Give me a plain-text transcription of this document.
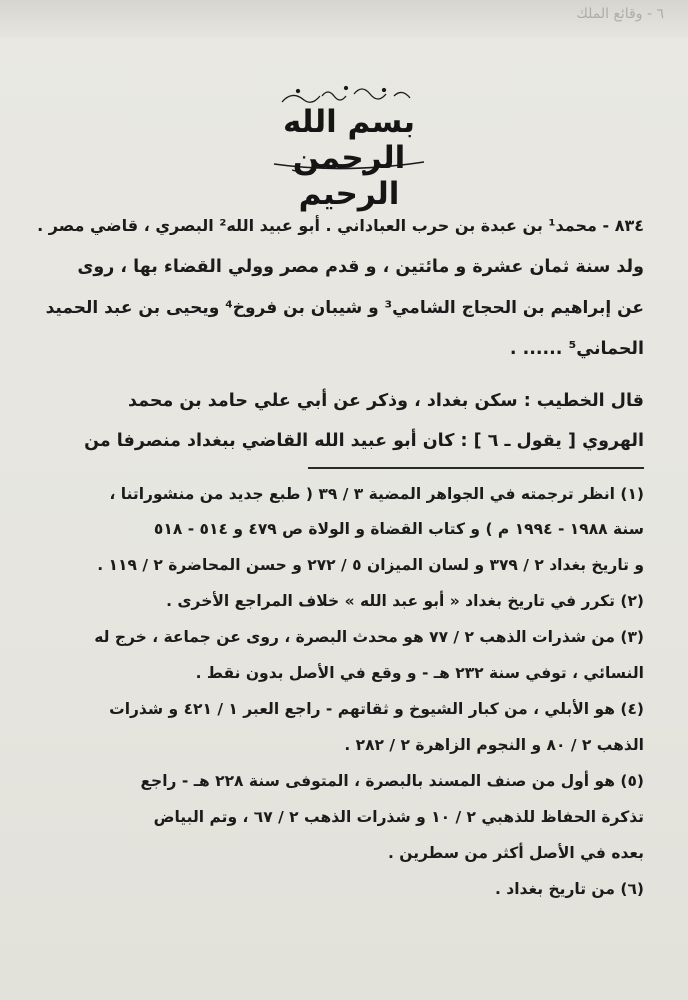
٦ - وقائع الملك
بسم الله الرحمن الرحيم
٨٣٤ - محمد¹ بن عبدة بن حرب العباداني . أبو عبيد الله² البصري ، قاضي مصر .
ولد سنة ثمان عشرة و مائتين ، و قدم مصر وولي القضاء بها ، روى
عن إبراهيم بن الحجاج الشامي³ و شيبان بن فروخ⁴ ويحيى بن عبد الحميد
الحماني⁵ ...... .
قال الخطيب : سكن بغداد ، وذكر عن أبي علي حامد بن محمد
الهروي [ يقول ـ ٦ ] : كان أبو عبيد الله القاضي ببغداد منصرفا من
(١) انظر ترجمته في الجواهر المضية ٣ / ٣٩ ( طبع جديد من منشوراتنا ،
سنة ١٩٨٨ - ١٩٩٤ م ) و كتاب القضاة و الولاة ص ٤٧٩ و ٥١٤ - ٥١٨
و تاريخ بغداد ٢ / ٣٧٩ و لسان الميزان ٥ / ٢٧٢ و حسن المحاضرة ٢ / ١١٩ .
(٢) تكرر في تاريخ بغداد « أبو عبد الله » خلاف المراجع الأخرى .
(٣) من شذرات الذهب ٢ / ٧٧ هو محدث البصرة ، روى عن جماعة ، خرج له
النسائي ، توفي سنة ٢٣٢ هـ - و وقع في الأصل بدون نقط .
(٤) هو الأبلي ، من كبار الشيوخ و ثقاتهم - راجع العبر ١ / ٤٢١ و شذرات
الذهب ٢ / ٨٠ و النجوم الزاهرة ٢ / ٢٨٢ .
(٥) هو أول من صنف المسند بالبصرة ، المتوفى سنة ٢٢٨ هـ - راجع
تذكرة الحفاظ للذهبي ٢ / ١٠ و شذرات الذهب ٢ / ٦٧ ، وتم البياض
بعده في الأصل أكثر من سطرين .
(٦) من تاريخ بغداد .
